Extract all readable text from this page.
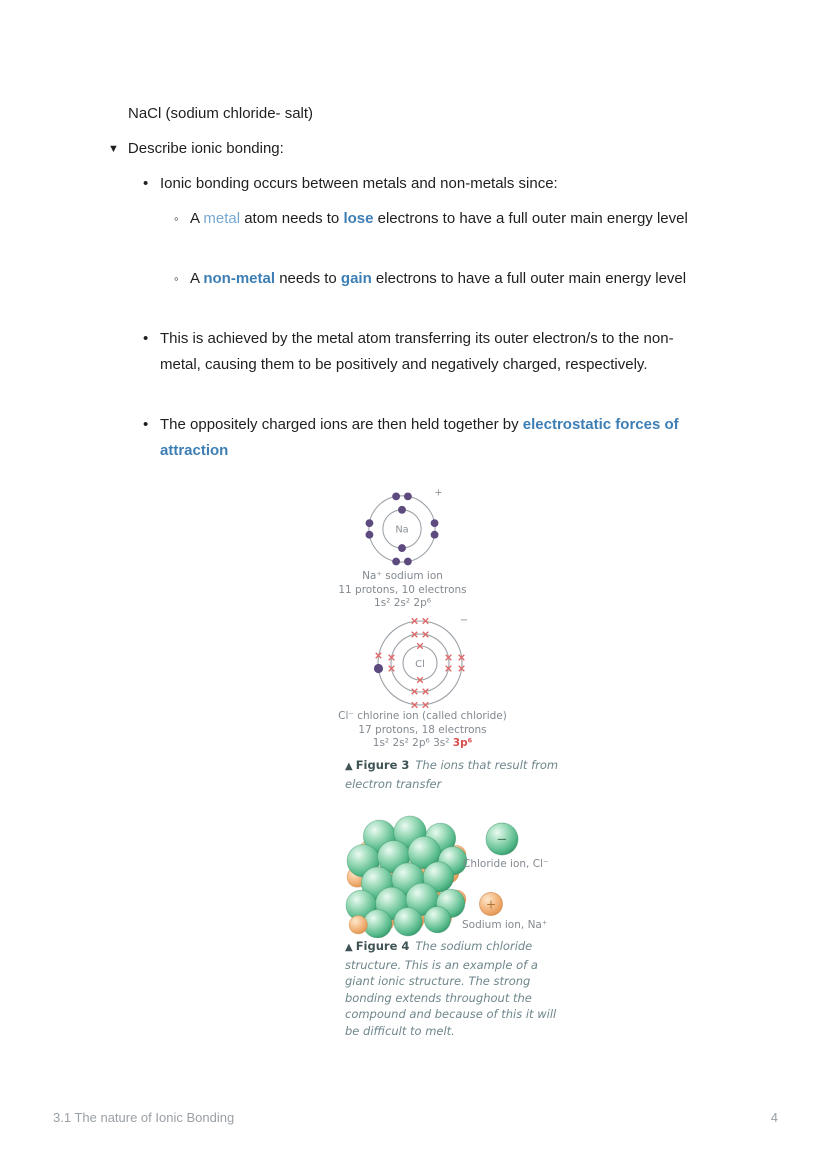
NaCl (sodium chloride- salt)
▼ Describe ionic bonding:
• Ionic bonding occurs between metals and non-metals since:
◦ A metal atom needs to lose electrons to have a full outer main energy level
◦ A non-metal needs to gain electrons to have a full outer main energy level
• This is achieved by the metal atom transferring its outer electron/s to the non-metal, causing them to be positively and negatively charged, respectively.
• The oppositely charged ions are then held together by electrostatic forces of attraction
Na
+
Na⁺ sodium ion
11 protons, 10 electrons
1s² 2s² 2p⁶
Cl
−
Cl⁻ chlorine ion (called chloride)
17 protons, 18 electrons
1s² 2s² 2p⁶ 3s² 3p⁶
▲ Figure 3 The ions that result from electron transfer
−
Chloride ion, Cl⁻
+
Sodium ion, Na⁺
▲ Figure 4 The sodium chloride structure. This is an example of a giant ionic structure. The strong bonding extends throughout the compound and because of this it will be difficult to melt.
3.1 The nature of Ionic Bonding	4
